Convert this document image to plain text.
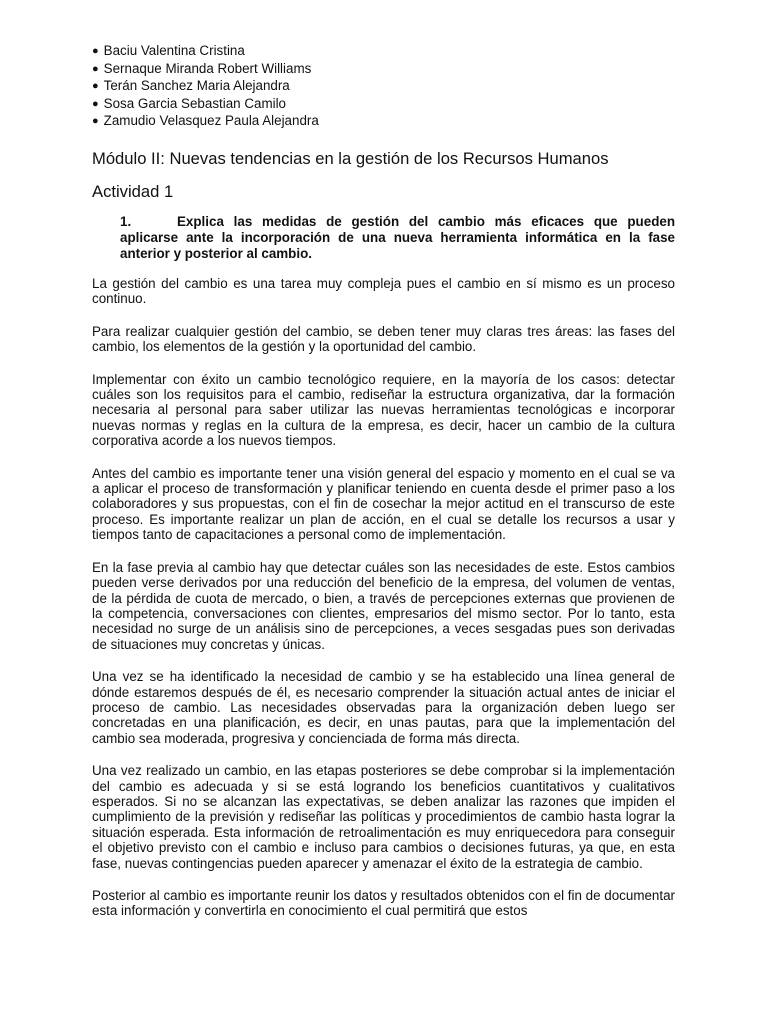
● Baciu Valentina Cristina
● Sernaque Miranda Robert Williams
● Terán Sanchez Maria Alejandra
● Sosa Garcia Sebastian Camilo
● Zamudio Velasquez Paula Alejandra
Módulo II: Nuevas tendencias en la gestión de los Recursos Humanos
Actividad 1

1.	Explica las medidas de gestión del cambio más eficaces que pueden aplicarse ante la incorporación de una nueva herramienta informática en la fase anterior y posterior al cambio.

La gestión del cambio es una tarea muy compleja pues el cambio en sí mismo es un proceso continuo.

Para realizar cualquier gestión del cambio, se deben tener muy claras tres áreas: las fases del cambio, los elementos de la gestión y la oportunidad del cambio.

Implementar con éxito un cambio tecnológico requiere, en la mayoría de los casos: detectar cuáles son los requisitos para el cambio, rediseñar la estructura organizativa, dar la formación necesaria al personal para saber utilizar las nuevas herramientas tecnológicas e incorporar nuevas normas y reglas en la cultura de la empresa, es decir, hacer un cambio de la cultura corporativa acorde a los nuevos tiempos.

Antes del cambio es importante tener una visión general del espacio y momento en el cual se va a aplicar el proceso de transformación y planificar teniendo en cuenta desde el primer paso a los colaboradores y sus propuestas, con el fin de cosechar la mejor actitud en el transcurso de este proceso. Es importante realizar un plan de acción, en el cual se detalle los recursos a usar y tiempos tanto de capacitaciones a personal como de implementación.

En la fase previa al cambio hay que detectar cuáles son las necesidades de este. Estos cambios pueden verse derivados por una reducción del beneficio de la empresa, del volumen de ventas, de la pérdida de cuota de mercado, o bien, a través de percepciones externas que provienen de la competencia, conversaciones con clientes, empresarios del mismo sector. Por lo tanto, esta necesidad no surge de un análisis sino de percepciones, a veces sesgadas pues son derivadas de situaciones muy concretas y únicas.

Una vez se ha identificado la necesidad de cambio y se ha establecido una línea general de dónde estaremos después de él, es necesario comprender la situación actual antes de iniciar el proceso de cambio. Las necesidades observadas para la organización deben luego ser concretadas en una planificación, es decir, en unas pautas, para que la implementación del cambio sea moderada, progresiva y concienciada de forma más directa.

Una vez realizado un cambio, en las etapas posteriores se debe comprobar si la implementación del cambio es adecuada y si se está logrando los beneficios cuantitativos y cualitativos esperados. Si no se alcanzan las expectativas, se deben analizar las razones que impiden el cumplimiento de la previsión y rediseñar las políticas y procedimientos de cambio hasta lograr la situación esperada. Esta información de retroalimentación es muy enriquecedora para conseguir el objetivo previsto con el cambio e incluso para cambios o decisiones futuras, ya que, en esta fase, nuevas contingencias pueden aparecer y amenazar el éxito de la estrategia de cambio.

Posterior al cambio es importante reunir los datos y resultados obtenidos con el fin de documentar esta información y convertirla en conocimiento el cual permitirá que estos
